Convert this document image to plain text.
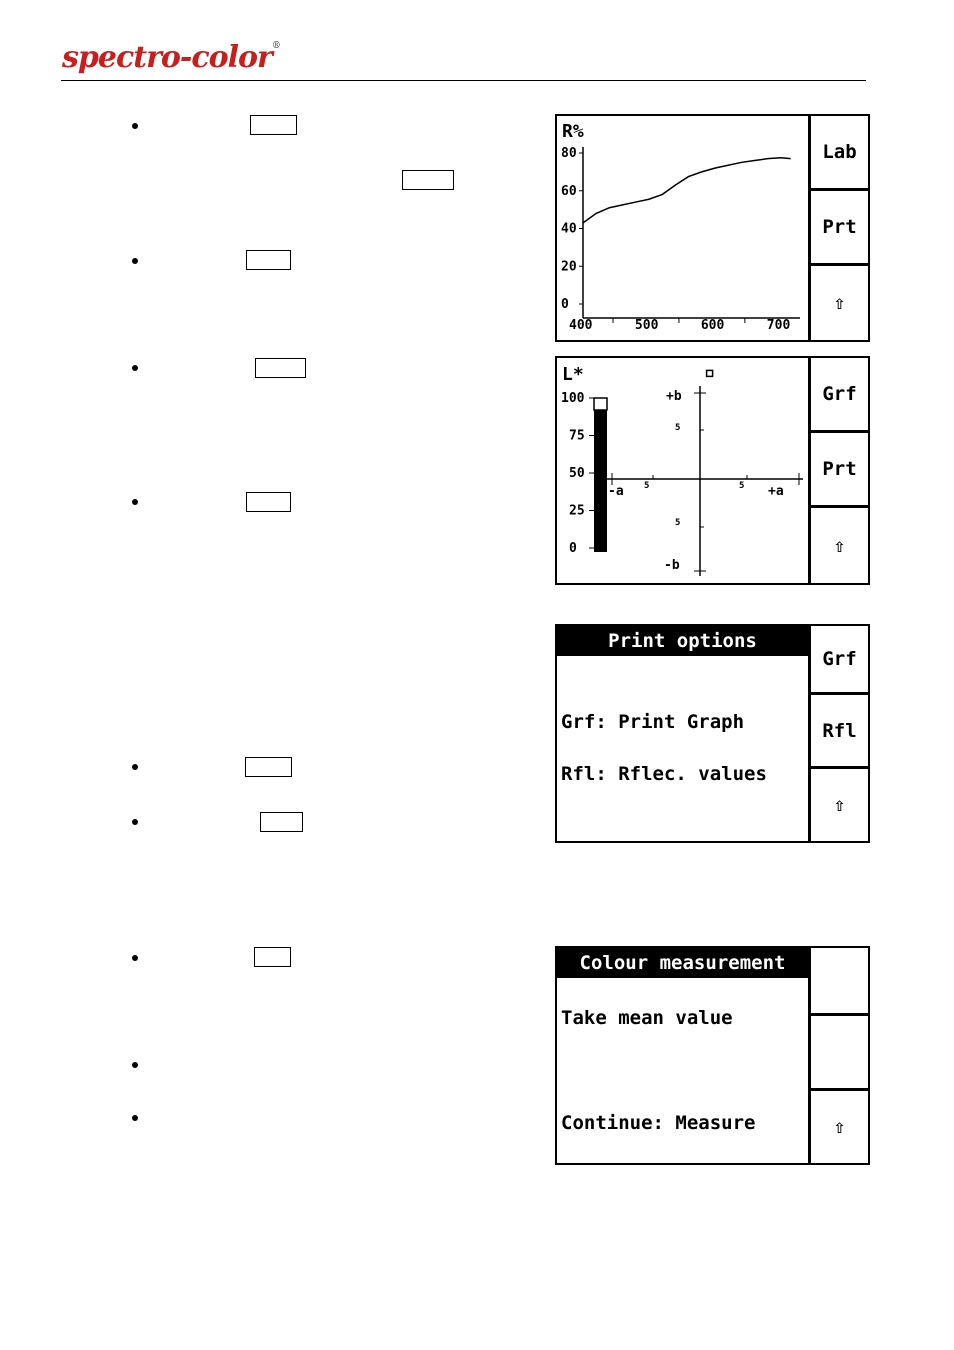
spectro-color®
R%
80
60
40
20
0
400	500	600	700
Lab
Prt
⇧
L*
100
75
50
25
0
+b
-b
+a
-a
5
5
5	5
Grf
Prt
⇧
Print options
Grf: Print Graph
Rfl: Rflec. values
Grf
Rfl
⇧
Colour measurement
Take mean value
Continue: Measure	⇧
